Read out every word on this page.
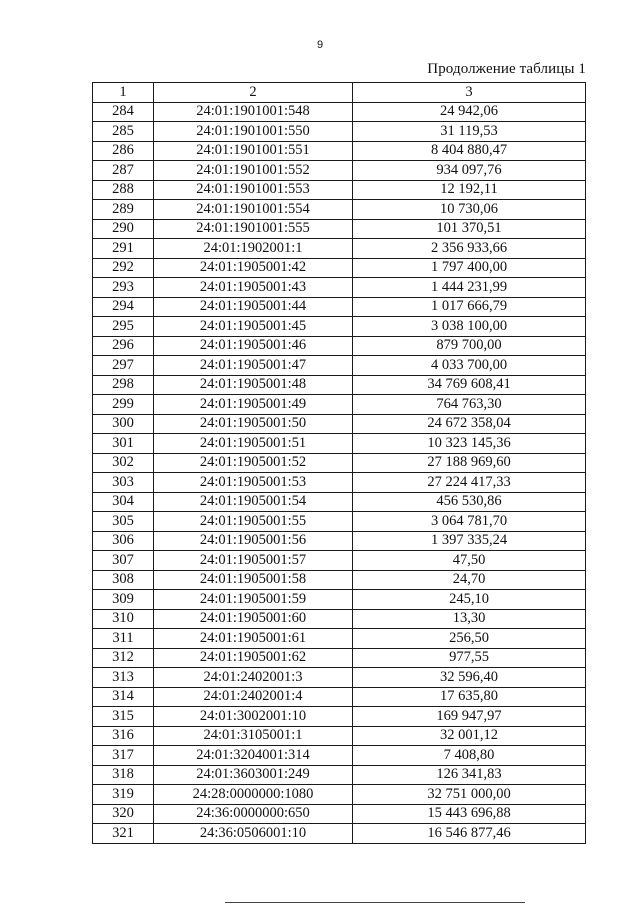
9
Продолжение таблицы 1
1	2	3
284	24:01:1901001:548	24 942,06
285	24:01:1901001:550	31 119,53
286	24:01:1901001:551	8 404 880,47
287	24:01:1901001:552	934 097,76
288	24:01:1901001:553	12 192,11
289	24:01:1901001:554	10 730,06
290	24:01:1901001:555	101 370,51
291	24:01:1902001:1	2 356 933,66
292	24:01:1905001:42	1 797 400,00
293	24:01:1905001:43	1 444 231,99
294	24:01:1905001:44	1 017 666,79
295	24:01:1905001:45	3 038 100,00
296	24:01:1905001:46	879 700,00
297	24:01:1905001:47	4 033 700,00
298	24:01:1905001:48	34 769 608,41
299	24:01:1905001:49	764 763,30
300	24:01:1905001:50	24 672 358,04
301	24:01:1905001:51	10 323 145,36
302	24:01:1905001:52	27 188 969,60
303	24:01:1905001:53	27 224 417,33
304	24:01:1905001:54	456 530,86
305	24:01:1905001:55	3 064 781,70
306	24:01:1905001:56	1 397 335,24
307	24:01:1905001:57	47,50
308	24:01:1905001:58	24,70
309	24:01:1905001:59	245,10
310	24:01:1905001:60	13,30
311	24:01:1905001:61	256,50
312	24:01:1905001:62	977,55
313	24:01:2402001:3	32 596,40
314	24:01:2402001:4	17 635,80
315	24:01:3002001:10	169 947,97
316	24:01:3105001:1	32 001,12
317	24:01:3204001:314	7 408,80
318	24:01:3603001:249	126 341,83
319	24:28:0000000:1080	32 751 000,00
320	24:36:0000000:650	15 443 696,88
321	24:36:0506001:10	16 546 877,46
